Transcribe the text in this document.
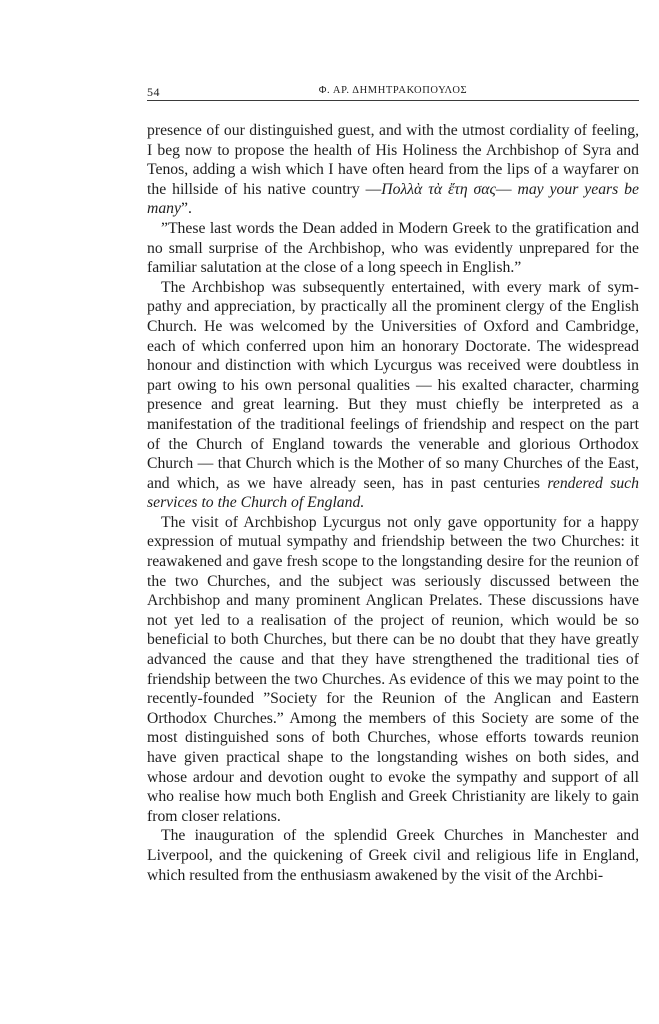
54	Φ. ΑΡ. ΔΗΜΗΤΡΑΚΟΠΟΥΛΟΣ

presence of our distinguished guest, and with the utmost cordiality of feeling, I beg now to propose the health of His Holiness the Archbishop of Syra and Tenos, adding a wish which I have often heard from the lips of a wayfarer on the hillside of his native country —Πολλὰ τὰ ἔτη σας— may your years be many”.

”These last words the Dean added in Modern Greek to the gratification and no small surprise of the Archbishop, who was evidently unprepared for the familiar salutation at the close of a long speech in English.”

The Archbishop was subsequently entertained, with every mark of sympathy and appreciation, by practically all the prominent clergy of the English Church. He was welcomed by the Universities of Oxford and Cambridge, each of which conferred upon him an honorary Doctorate. The widespread honour and distinction with which Lycurgus was received were doubtless in part owing to his own personal qualities — his exalted character, charming presence and great learning. But they must chiefly be interpreted as a manifestation of the traditional feelings of friendship and respect on the part of the Church of England towards the venerable and glorious Orthodox Church — that Church which is the Mother of so many Churches of the East, and which, as we have already seen, has in past centuries rendered such services to the Church of England.

The visit of Archbishop Lycurgus not only gave opportunity for a happy expression of mutual sympathy and friendship between the two Churches: it reawakened and gave fresh scope to the longstanding desire for the reunion of the two Churches, and the subject was seriously discussed between the Archbishop and many prominent Anglican Prelates. These discussions have not yet led to a realisation of the project of reunion, which would be so beneficial to both Churches, but there can be no doubt that they have greatly advanced the cause and that they have strengthened the traditional ties of friendship between the two Churches. As evidence of this we may point to the recently-founded ”Society for the Reunion of the Anglican and Eastern Orthodox Churches.” Among the members of this Society are some of the most distinguished sons of both Churches, whose efforts towards reunion have given practical shape to the longstanding wishes on both sides, and whose ardour and devotion ought to evoke the sympathy and support of all who realise how much both English and Greek Christianity are likely to gain from closer relations.

The inauguration of the splendid Greek Churches in Manchester and Liverpool, and the quickening of Greek civil and religious life in England, which resulted from the enthusiasm awakened by the visit of the Archbi-
